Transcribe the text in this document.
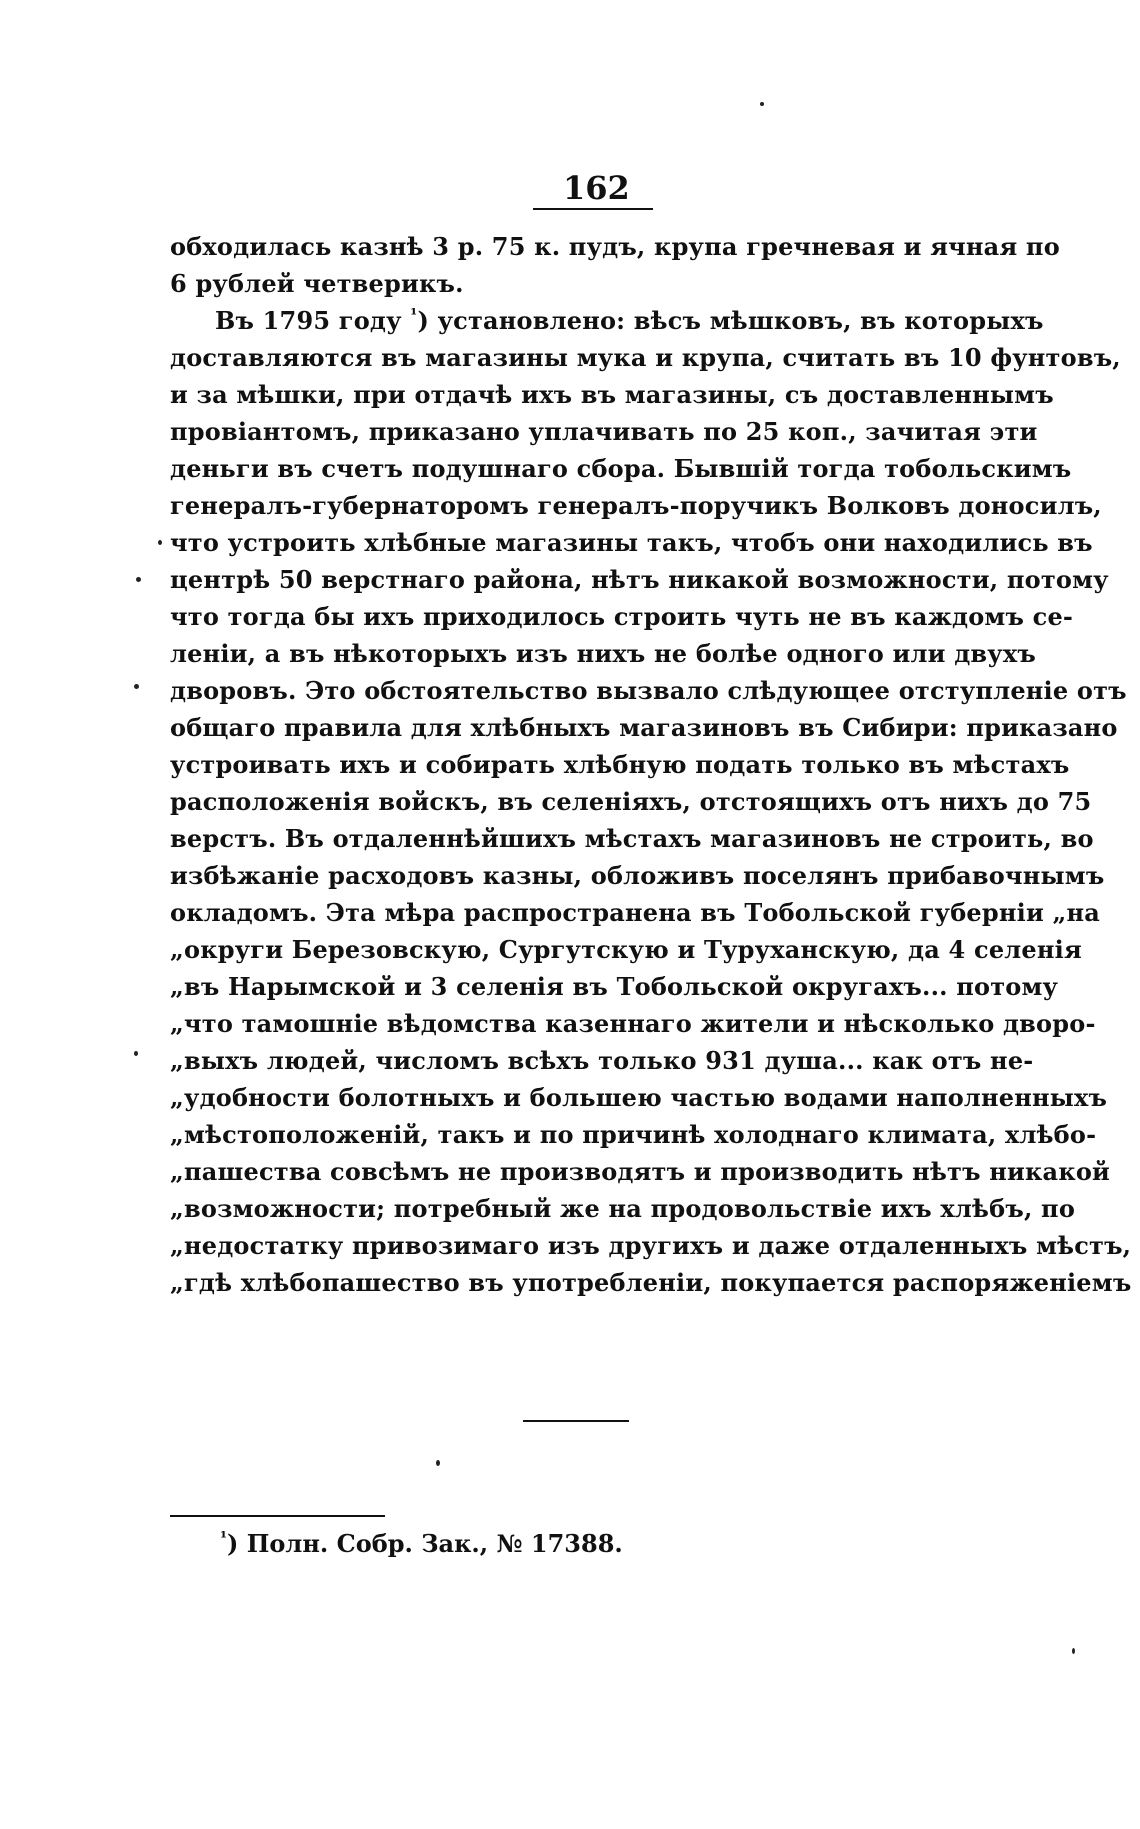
162
обходилась казнѣ 3 р. 75 к. пудъ, крупа гречневая и ячная по
6 рублей четверикъ.
Въ 1795 году $^{^1}$) установлено: вѣсъ мѣшковъ, въ которыхъ
доставляются въ магазины мука и крупа, считать въ 10 фунтовъ,
и за мѣшки, при отдачѣ ихъ въ магазины, съ доставленнымъ
провіантомъ, приказано уплачивать по 25 коп., зачитая эти
деньги въ счетъ подушнаго сбора. Бывшій тогда тобольскимъ
генералъ-губернаторомъ генералъ-поручикъ Волковъ доносилъ,
что устроить хлѣбные магазины такъ, чтобъ они находились въ
центрѣ 50 верстнаго района, нѣтъ никакой возможности, потому
что тогда бы ихъ приходилось строить чуть не въ каждомъ се-
леніи, а въ нѣкоторыхъ изъ нихъ не болѣе одного или двухъ
дворовъ. Это обстоятельство вызвало слѣдующее отступленіе отъ
общаго правила для хлѣбныхъ магазиновъ въ Сибири: приказано
устроивать ихъ и собирать хлѣбную подать только въ мѣстахъ
расположенія войскъ, въ селеніяхъ, отстоящихъ отъ нихъ до 75
верстъ. Въ отдаленнѣйшихъ мѣстахъ магазиновъ не строить, во
избѣжаніе расходовъ казны, обложивъ поселянъ прибавочнымъ
окладомъ. Эта мѣра распространена въ Тобольской губерніи „на
„округи Березовскую, Сургутскую и Туруханскую, да 4 селенія
„въ Нарымской и 3 селенія въ Тобольской округахъ... потому
„что тамошніе вѣдомства казеннаго жители и нѣсколько дворо-
„выхъ людей, числомъ всѣхъ только 931 душа... как отъ не-
„удобности болотныхъ и большею частью водами наполненныхъ
„мѣстоположеній, такъ и по причинѣ холоднаго климата, хлѣбо-
„пашества совсѣмъ не производятъ и производить нѣтъ никакой
„возможности; потребный же на продовольствіе ихъ хлѣбъ, по
„недостатку привозимаго изъ другихъ и даже отдаленныхъ мѣстъ,
„гдѣ хлѣбопашество въ употребленіи, покупается распоряженіемъ
$^{^1}$) Полн. Собр. Зак., № 17388.
